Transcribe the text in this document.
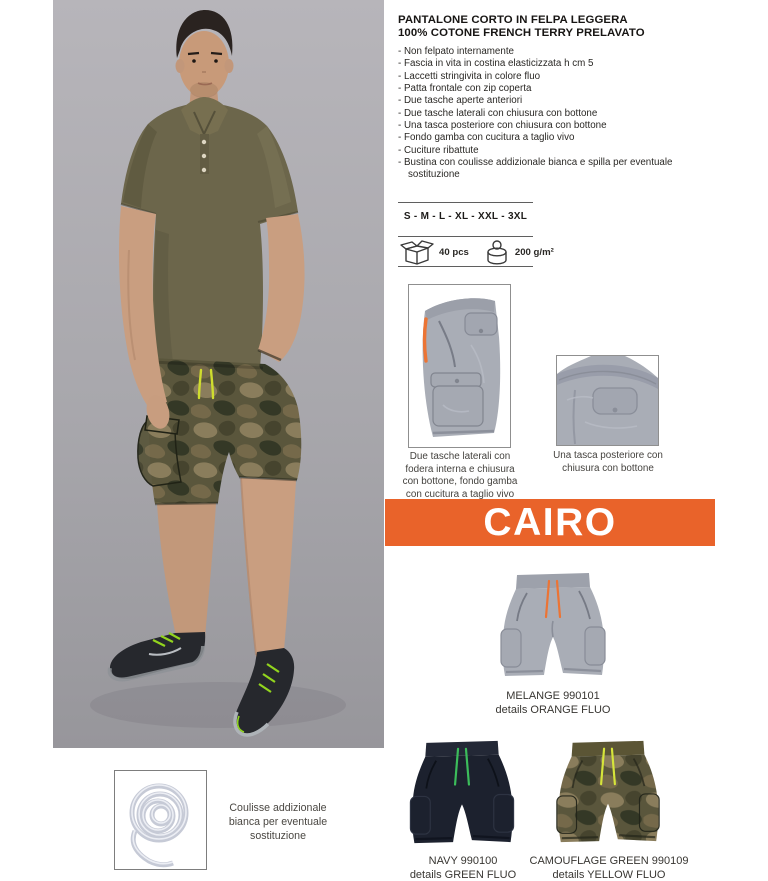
PANTALONE CORTO IN FELPA LEGGERA
100% COTONE FRENCH TERRY PRELAVATO
- Non felpato internamente
- Fascia in vita in costina elasticizzata h cm 5
- Laccetti stringivita in colore fluo
- Patta frontale con zip coperta
- Due tasche aperte anteriori
- Due tasche laterali con chiusura con bottone
- Una tasca posteriore con chiusura con bottone
- Fondo gamba con cucitura a taglio vivo
- Cuciture ribattute
- Bustina con coulisse addizionale bianca e spilla per eventuale sostituzione
S - M - L - XL - XXL - 3XL
40 pcs	200 g/m²
Due tasche laterali con
fodera interna e chiusura
con bottone, fondo gamba
con cucitura a taglio vivo
Una tasca posteriore con
chiusura con bottone
CAIRO
MELANGE 990101
details ORANGE FLUO
NAVY 990100
details GREEN FLUO
CAMOUFLAGE GREEN 990109
details YELLOW FLUO
Coulisse addizionale
bianca per eventuale
sostituzione
